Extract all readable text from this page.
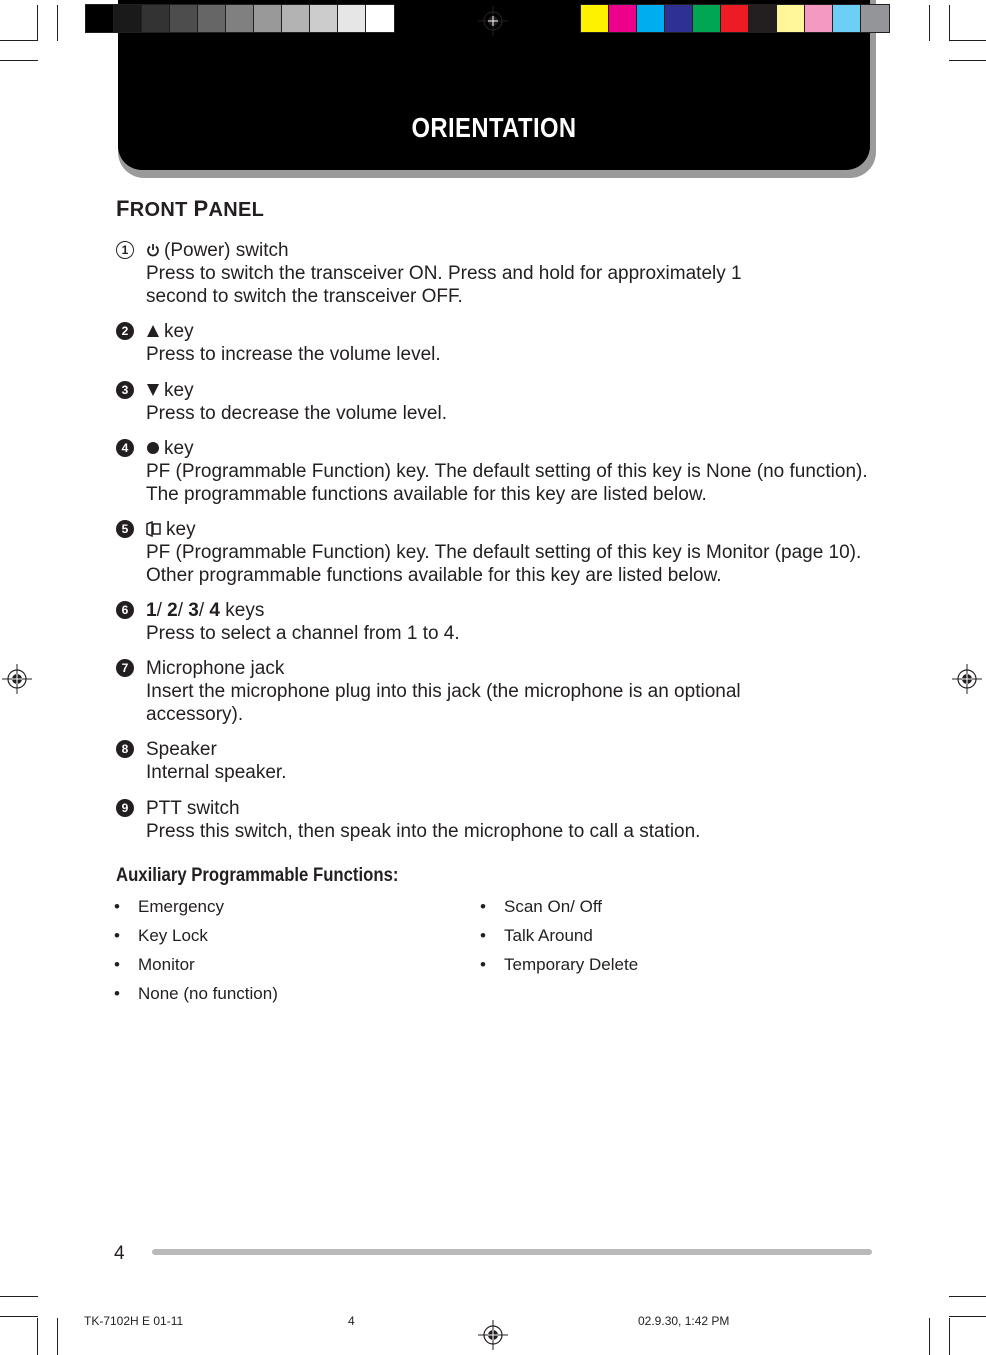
ORIENTATION
FRONT PANEL
1	(Power) switch
Press to switch the transceiver ON. Press and hold for approximately 1 second to switch the transceiver OFF.
2	key
Press to increase the volume level.
3	key
Press to decrease the volume level.
4	key
PF (Programmable Function) key. The default setting of this key is None (no function). The programmable functions available for this key are listed below.
5	key
PF (Programmable Function) key. The default setting of this key is Monitor (page 10). Other programmable functions available for this key are listed below.
6 1/ 2/ 3/ 4 keys
Press to select a channel from 1 to 4.
7 Microphone jack
Insert the microphone plug into this jack (the microphone is an optional accessory).
8 Speaker
Internal speaker.
9 PTT switch
Press this switch, then speak into the microphone to call a station.
Auxiliary Programmable Functions:
• Emergency
• Key Lock
• Monitor
• None (no function)
• Scan On/ Off
• Talk Around
• Temporary Delete
4
TK-7102H E 01-11	4	02.9.30, 1:42 PM
